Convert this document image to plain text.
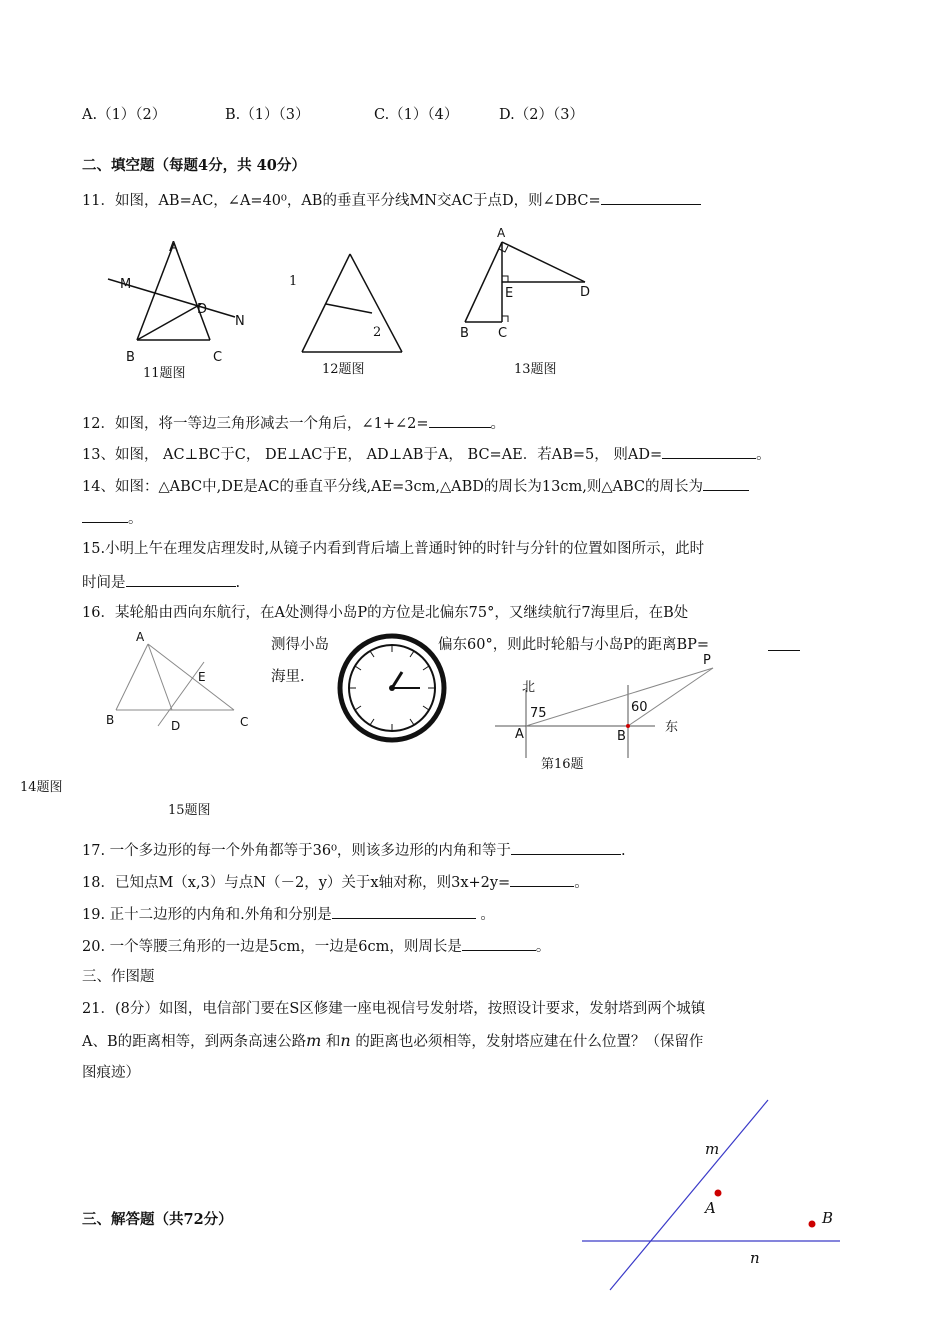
A.（1）（2）	B.（1）（3）	C.（1）（4）	D.（2）（3）
二、填空题（每题4分，共 40分）
11．如图，AB=AC，∠A=40⁰，AB的垂直平分线MN交AC于点D，则∠DBC=
A
M
D
N
B	C
11题图
1
2
12题图
A
E	D
B C
13题图
12．如图，将一等边三角形减去一个角后，∠1+∠2=	。
13、如图， AC⊥BC于C， DE⊥AC于E， AD⊥AB于A， BC=AE．若AB=5， 则AD=	。
14、如图：△ABC中,DE是AC的垂直平分线,AE=3cm,△ABD的周长为13cm,则△ABC的周长为
。
15.小明上午在理发店理发时,从镜子内看到背后墙上普通时钟的时针与分针的位置如图所示，此时
时间是	.
16．某轮船由西向东航行，在A处测得小岛P的方位是北偏东75°，又继续航行7海里后，在B处
测得小岛	偏东60°，则此时轮船与小岛P的距离BP=
海里.
A
E
B	D	C
14题图
15题图
北
P
75	60
A	B
东
第16题
17. 一个多边形的每一个外角都等于36⁰，则该多边形的内角和等于	.
18．已知点M（x,3）与点N（－2，y）关于x轴对称，则3x+2y=	。
19. 正十二边形的内角和.外角和分别是	。
20. 一个等腰三角形的一边是5cm，一边是6cm，则周长是	。
三、作图题
21．(8分）如图，电信部门要在S区修建一座电视信号发射塔，按照设计要求，发射塔到两个城镇
A、B的距离相等，到两条高速公路m 和n 的距离也必须相等，发射塔应建在什么位置？（保留作
图痕迹）
m
A
B
n
三、解答题（共72分）
